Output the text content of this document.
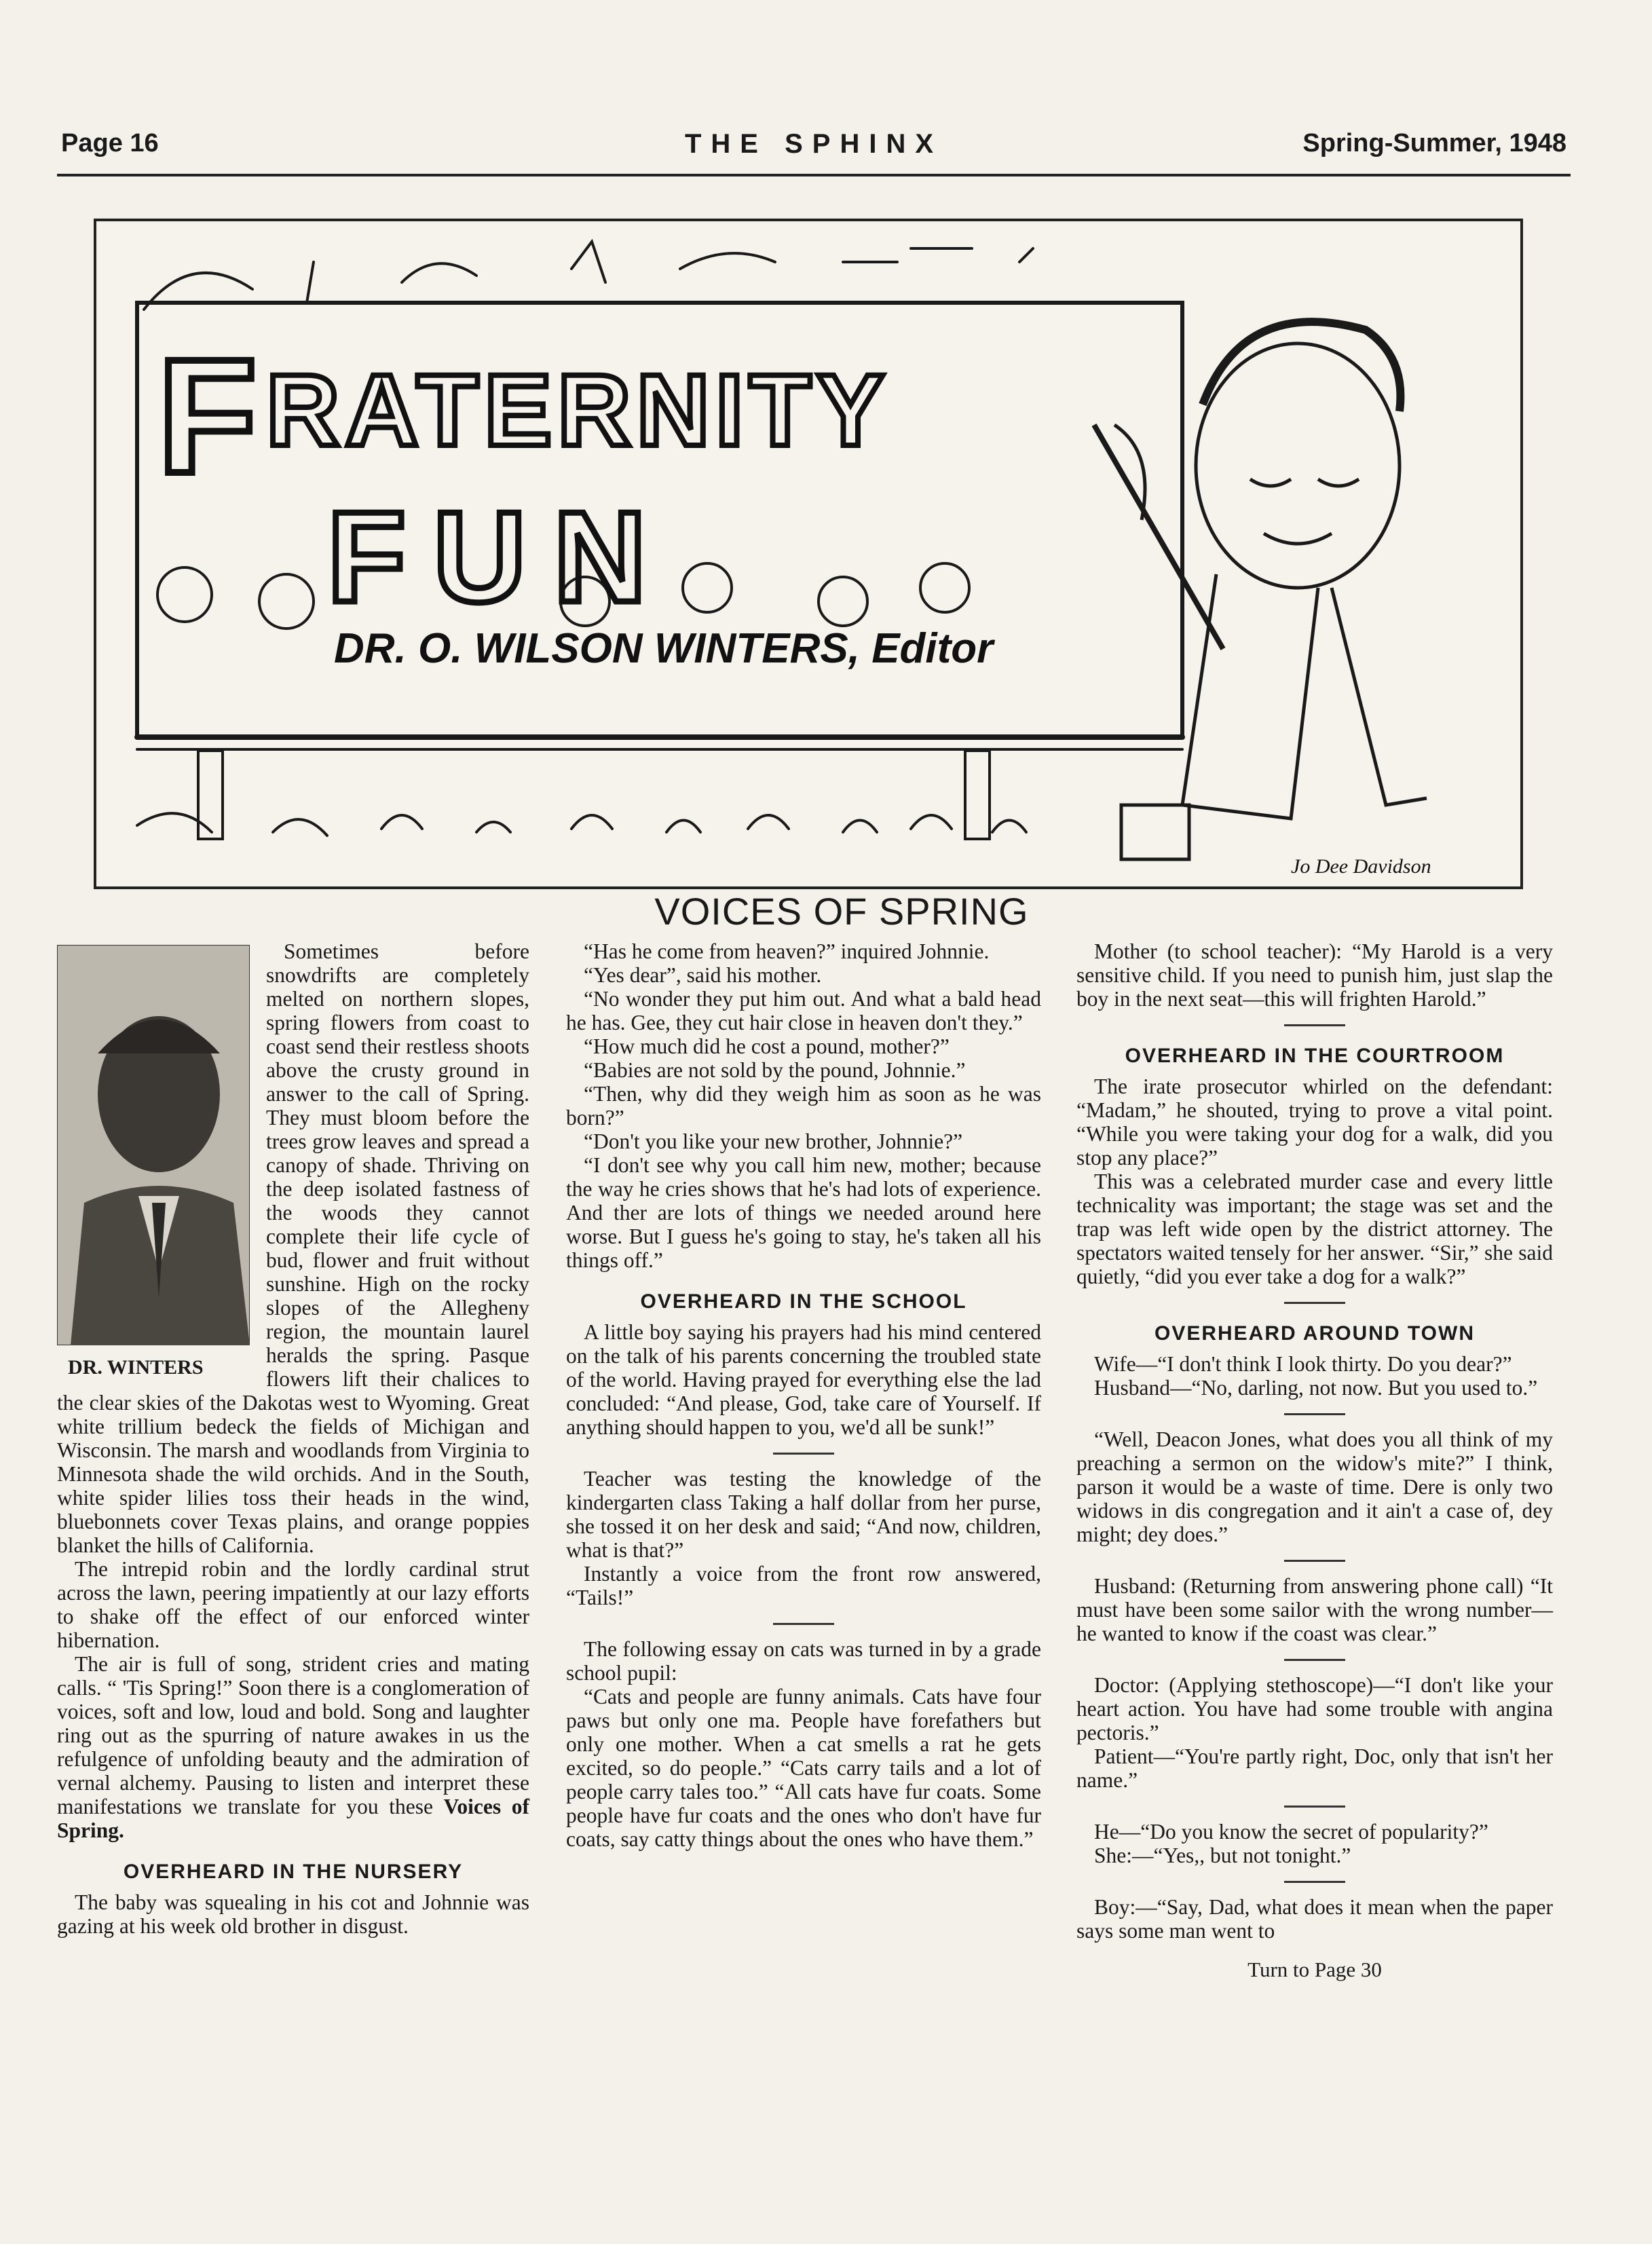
Page 16	THE SPHINX	Spring-Summer, 1948
F RATERNITY
FUN
DR. O. WILSON WINTERS, Editor
Jo Dee Davidson
VOICES OF SPRING
DR. WINTERS

Sometimes before snowdrifts are completely melted on northern slopes, spring flowers from coast to coast send their restless shoots above the crusty ground in answer to the call of Spring. They must bloom before the trees grow leaves and spread a canopy of shade. Thriving on the deep isolated fastness of the woods they cannot complete their life cycle of bud, flower and fruit without sunshine. High on the rocky slopes of the Allegheny region, the mountain laurel heralds the spring. Pasque flowers lift their chalices to the clear skies of the Dakotas west to Wyoming. Great white trillium bedeck the fields of Michigan and Wisconsin. The marsh and woodlands from Virginia to Minnesota shade the wild orchids. And in the South, white spider lilies toss their heads in the wind, bluebonnets cover Texas plains, and orange poppies blanket the hills of California.

The intrepid robin and the lordly cardinal strut across the lawn, peering impatiently at our lazy efforts to shake off the effect of our enforced winter hibernation.

The air is full of song, strident cries and mating calls. “ 'Tis Spring!” Soon there is a conglomeration of voices, soft and low, loud and bold. Song and laughter ring out as the spurring of nature awakes in us the refulgence of unfolding beauty and the admiration of vernal alchemy. Pausing to listen and interpret these manifestations we translate for you these Voices of Spring.

OVERHEARD IN THE NURSERY

The baby was squealing in his cot and Johnnie was gazing at his week old brother in disgust.

“Has he come from heaven?” inquired Johnnie.

“Yes dear”, said his mother.

“No wonder they put him out. And what a bald head he has. Gee, they cut hair close in heaven don't they.”

“How much did he cost a pound, mother?”

“Babies are not sold by the pound, Johnnie.”

“Then, why did they weigh him as soon as he was born?”

“Don't you like your new brother, Johnnie?”

“I don't see why you call him new, mother; because the way he cries shows that he's had lots of experience. And ther are lots of things we needed around here worse. But I guess he's going to stay, he's taken all his things off.”

OVERHEARD IN THE SCHOOL

A little boy saying his prayers had his mind centered on the talk of his parents concerning the troubled state of the world. Having prayed for everything else the lad concluded: “And please, God, take care of Yourself. If anything should happen to you, we'd all be sunk!”

Teacher was testing the knowledge of the kindergarten class Taking a half dollar from her purse, she tossed it on her desk and said; “And now, children, what is that?”

Instantly a voice from the front row answered, “Tails!”

The following essay on cats was turned in by a grade school pupil:

“Cats and people are funny animals. Cats have four paws but only one ma. People have forefathers but only one mother. When a cat smells a rat he gets excited, so do people.” “Cats carry tails and a lot of people carry tales too.” “All cats have fur coats. Some people have fur coats and the ones who don't have fur coats, say catty things about the ones who have them.”

Mother (to school teacher): “My Harold is a very sensitive child. If you need to punish him, just slap the boy in the next seat—this will frighten Harold.”

OVERHEARD IN THE COURTROOM

The irate prosecutor whirled on the defendant: “Madam,” he shouted, trying to prove a vital point. “While you were taking your dog for a walk, did you stop any place?”

This was a celebrated murder case and every little technicality was important; the stage was set and the trap was left wide open by the district attorney. The spectators waited tensely for her answer. “Sir,” she said quietly, “did you ever take a dog for a walk?”

OVERHEARD AROUND TOWN

Wife—“I don't think I look thirty. Do you dear?”

Husband—“No, darling, not now. But you used to.”

“Well, Deacon Jones, what does you all think of my preaching a sermon on the widow's mite?” I think, parson it would be a waste of time. Dere is only two widows in dis congregation and it ain't a case of, dey might; dey does.”

Husband: (Returning from answering phone call) “It must have been some sailor with the wrong number—he wanted to know if the coast was clear.”

Doctor: (Applying stethoscope)—“I don't like your heart action. You have had some trouble with angina pectoris.”

Patient—“You're partly right, Doc, only that isn't her name.”

He—“Do you know the secret of popularity?”

She:—“Yes,, but not tonight.”

Boy:—“Say, Dad, what does it mean when the paper says some man went to

Turn to Page 30
